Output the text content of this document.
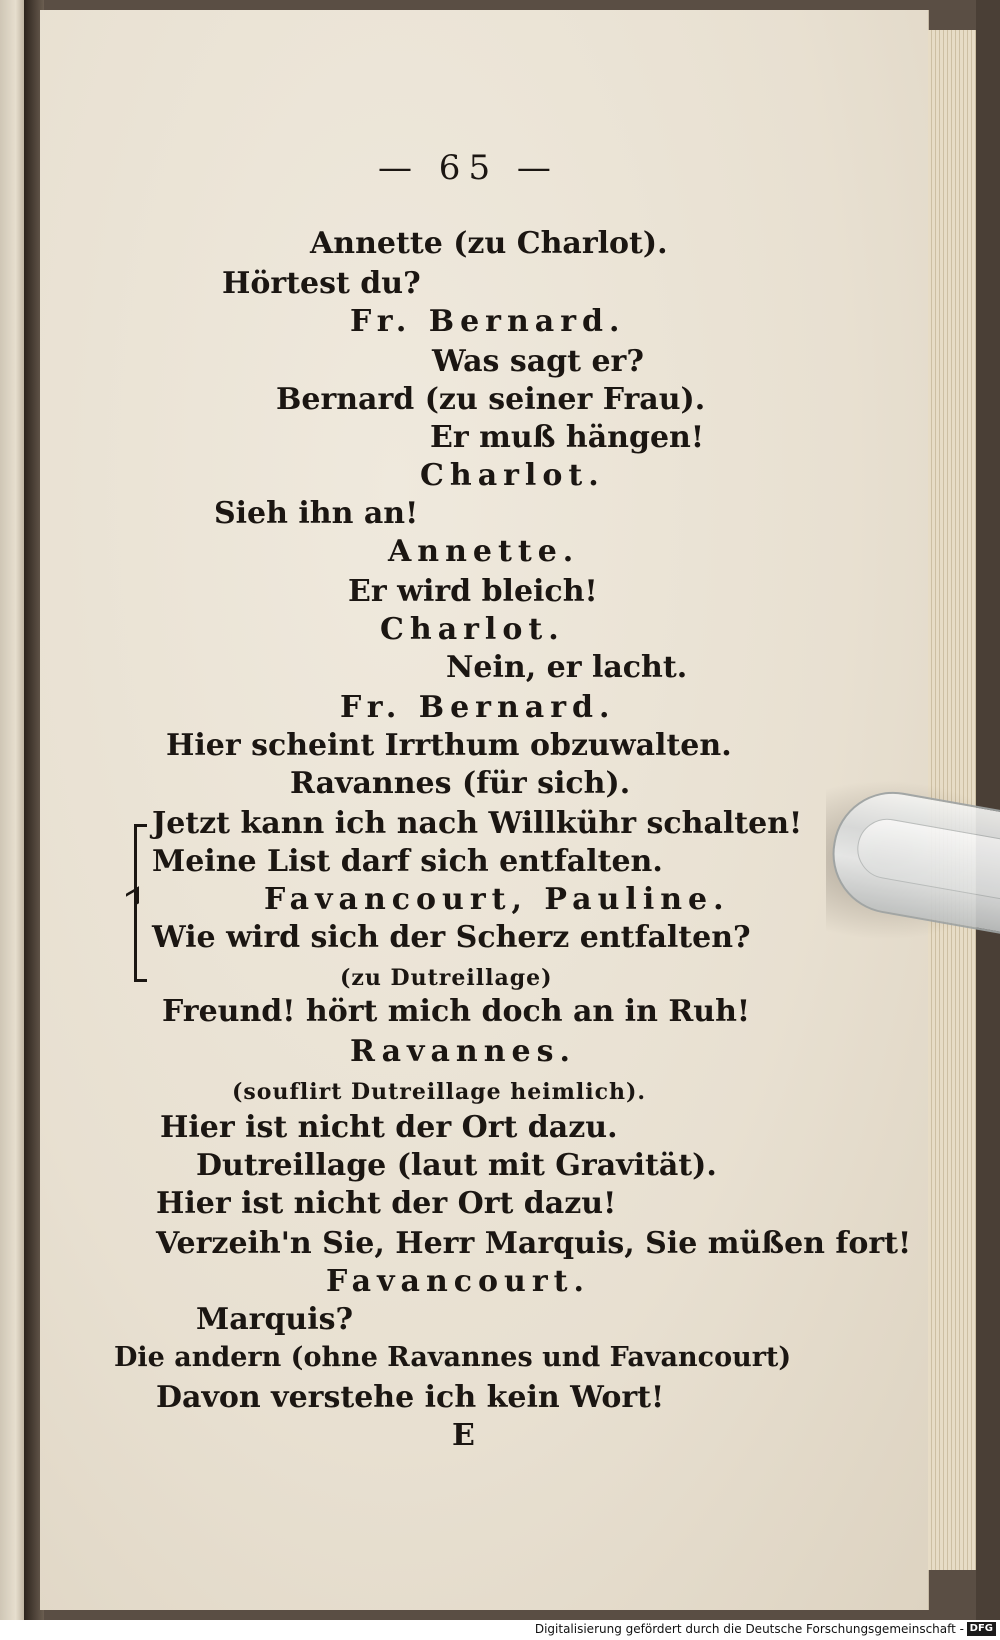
— 65 —

Annette (zu Charlot).

Hörtest du?

Fr. Bernard.

Was sagt er?

Bernard (zu seiner Frau).

Er muß hängen!

Charlot.

Sieh ihn an!

Annette.

Er wird bleich!

Charlot.

Nein, er lacht.

Fr. Bernard.

Hier scheint Irrthum obzuwalten.

Ravannes (für sich).

Jetzt kann ich nach Willkühr schalten!

Meine List darf sich entfalten.

Favancourt, Pauline.

Wie wird sich der Scherz entfalten?

(zu Dutreillage)

Freund! hört mich doch an in Ruh!

Ravannes.

(souflirt Dutreillage heimlich).

Hier ist nicht der Ort dazu.

Dutreillage (laut mit Gravität).

Hier ist nicht der Ort dazu!

Verzeih'n Sie, Herr Marquis, Sie müßen fort!

Favancourt.

Marquis?

Die andern (ohne Ravannes und Favancourt)

Davon verstehe ich kein Wort!

E

Digitalisierung gefördert durch die Deutsche Forschungsgemeinschaft - DFG
